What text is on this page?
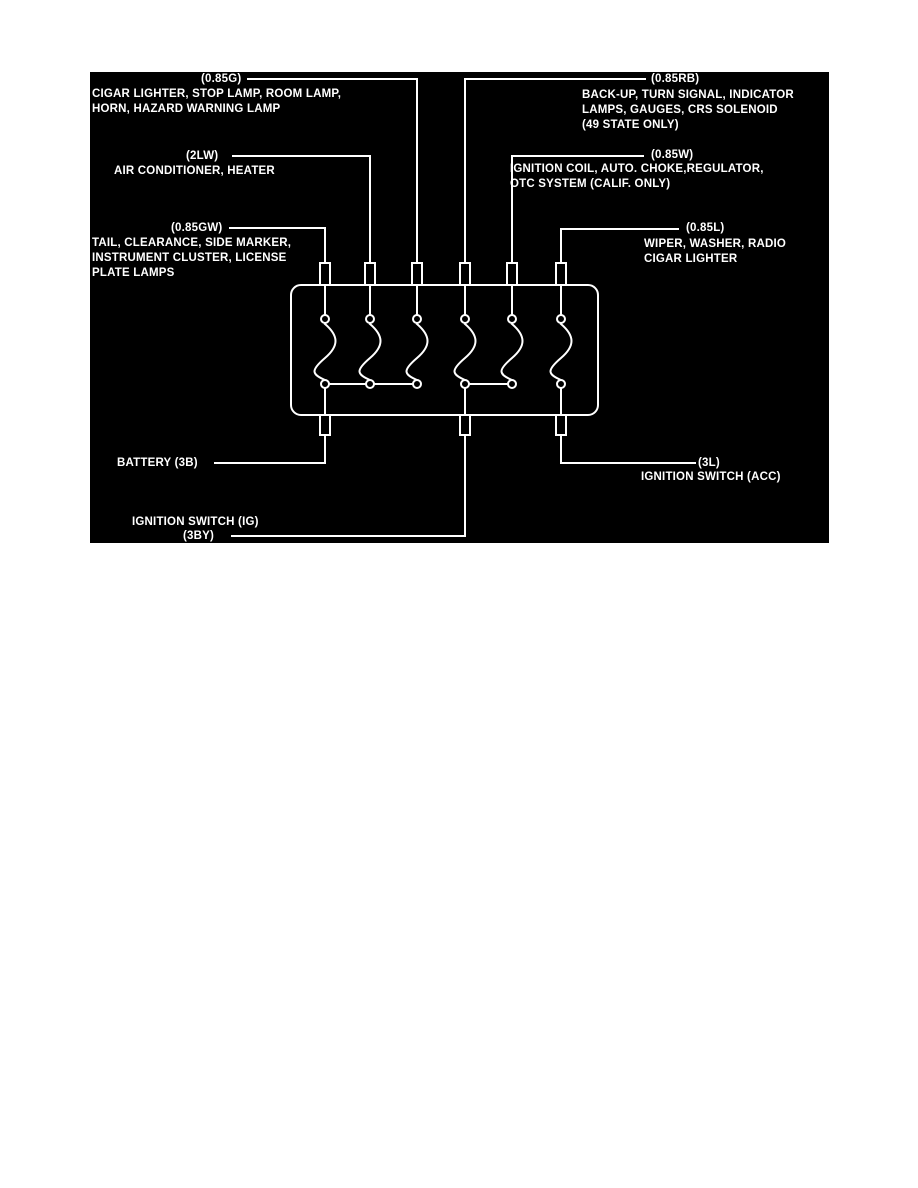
(0.85G)
CIGAR LIGHTER, STOP LAMP, ROOM LAMP,
HORN, HAZARD WARNING LAMP
(2LW)
AIR CONDITIONER, HEATER
(0.85GW)
TAIL, CLEARANCE, SIDE MARKER,
INSTRUMENT CLUSTER, LICENSE
PLATE LAMPS
(0.85RB)
BACK-UP, TURN SIGNAL, INDICATOR
LAMPS, GAUGES, CRS SOLENOID
(49 STATE ONLY)
(0.85W)
IGNITION COIL, AUTO. CHOKE,REGULATOR,
OTC SYSTEM (CALIF. ONLY)
(0.85L)
WIPER, WASHER, RADIO
CIGAR LIGHTER
BATTERY (3B)	(3L)
IGNITION SWITCH (ACC)
IGNITION SWITCH (IG)
(3BY)
